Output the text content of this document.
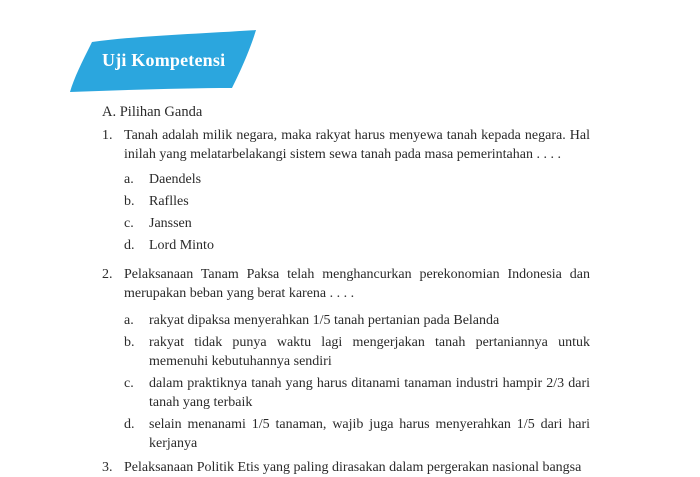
Uji Kompetensi
A. Pilihan Ganda
1. Tanah adalah milik negara, maka rakyat harus menyewa tanah kepada negara. Hal inilah yang melatarbelakangi sistem sewa tanah pada masa pemerintahan . . . .
a. Daendels
b. Raflles
c. Janssen
d. Lord Minto
2. Pelaksanaan Tanam Paksa telah menghancurkan perekonomian Indonesia dan merupakan beban yang berat karena . . . .
a. rakyat dipaksa menyerahkan 1/5 tanah pertanian pada Belanda
b. rakyat tidak punya waktu lagi mengerjakan tanah pertaniannya untuk memenuhi kebutuhannya sendiri
c. dalam praktiknya tanah yang harus ditanami tanaman industri hampir 2/3 dari tanah yang terbaik
d. selain menanami 1/5 tanaman, wajib juga harus menyerahkan 1/5 dari hari kerjanya
3. Pelaksanaan Politik Etis yang paling dirasakan dalam pergerakan nasional bangsa
